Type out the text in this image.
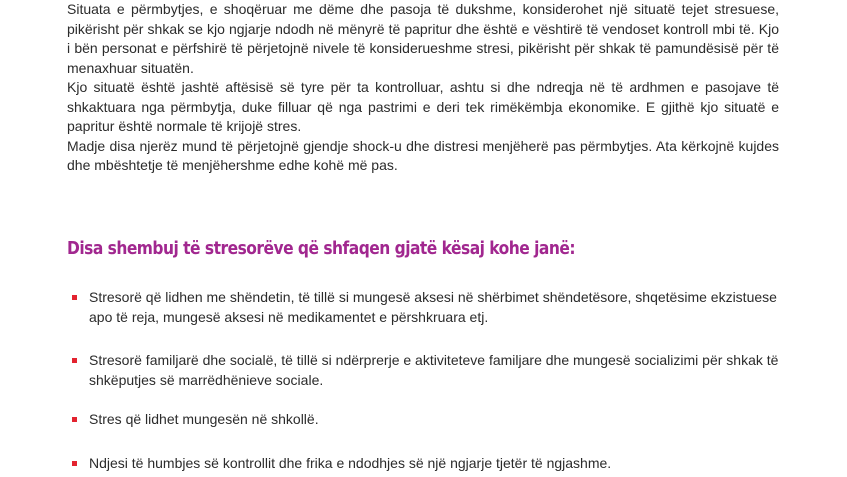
Situata e përmbytjes, e shoqëruar me dëme dhe pasoja të dukshme, konsiderohet një situatë tejet stresuese, pikërisht për shkak se kjo ngjarje ndodh në mënyrë të papritur dhe është e vështirë të vendoset kontroll mbi të. Kjo i bën personat e përfshirë të përjetojnë nivele të konsiderueshme stresi, pikërisht për shkak të pamundësisë për të menaxhuar situatën.

Kjo situatë është jashtë aftësisë së tyre për ta kontrolluar, ashtu si dhe ndreqja në të ardhmen e pasojave të shkaktuara nga përmbytja, duke filluar që nga pastrimi e deri tek rimëkëmbja ekonomike. E gjithë kjo situatë e papritur është normale të krijojë stres.

Madje disa njerëz mund të përjetojnë gjendje shock-u dhe distresi menjëherë pas përmbytjes. Ata kërkojnë kujdes dhe mbështetje të menjëhershme edhe kohë më pas.

Disa shembuj të stresorëve që shfaqen gjatë kësaj kohe janë:
Stresorë që lidhen me shëndetin, të tillë si mungesë aksesi në shërbimet shëndetësore, shqetësime ekzistuese apo të reja, mungesë aksesi në medikamentet e përshkruara etj.
Stresorë familjarë dhe socialë, të tillë si ndërprerje e aktiviteteve familjare dhe mungesë socializimi për shkak të shkëputjes së marrëdhënieve sociale.
Stres që lidhet mungesën në shkollë.
Ndjesi të humbjes së kontrollit dhe frika e ndodhjes së një ngjarje tjetër të ngjashme.
